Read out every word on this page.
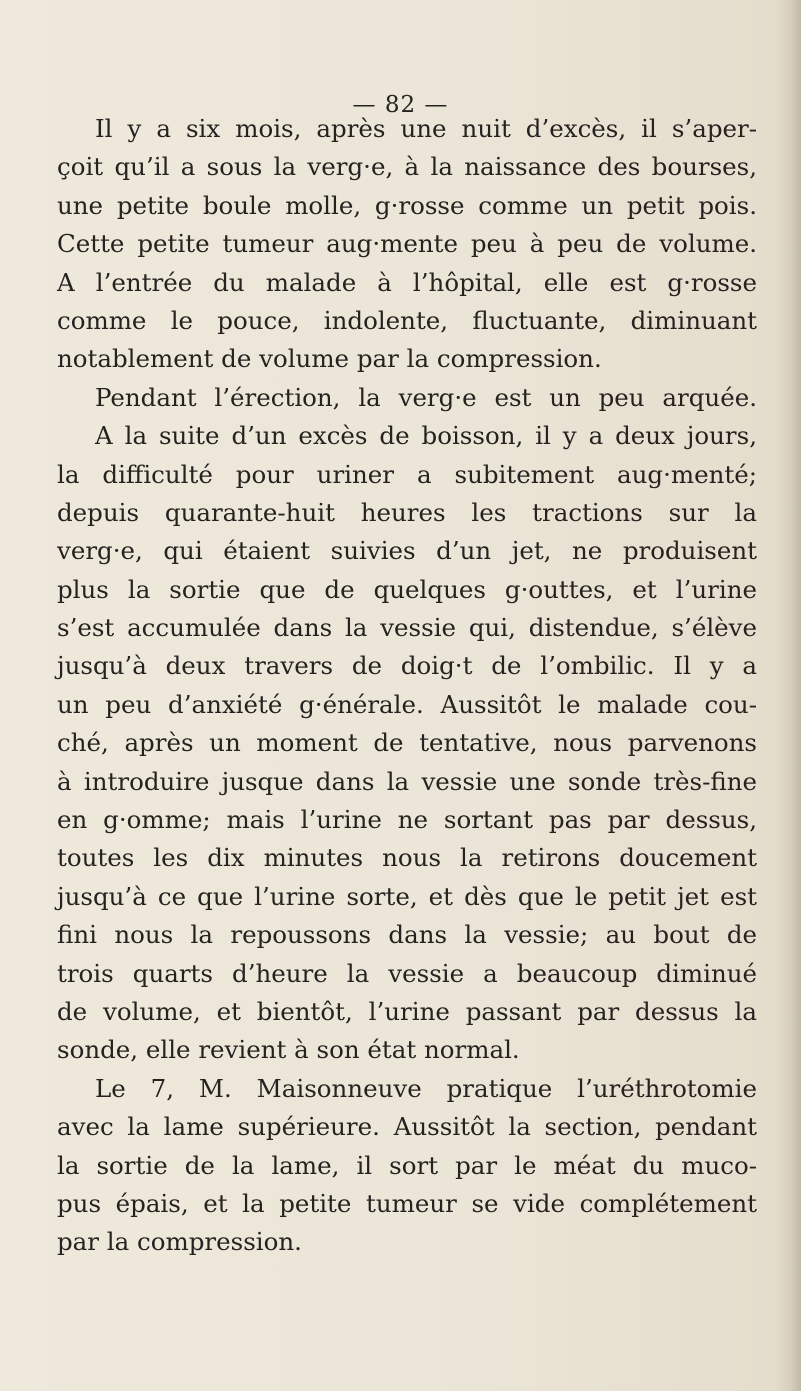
— 82 —
Il y a six mois, après une nuit d’excès, il s’aper-
çoit qu’il a sous la verg·e, à la naissance des bourses,
une petite boule molle, g·rosse comme un petit pois.
Cette petite tumeur aug·mente peu à peu de volume.
A l’entrée du malade à l’hôpital, elle est g·rosse
comme le pouce, indolente, fluctuante, diminuant
notablement de volume par la compression.
Pendant l’érection, la verg·e est un peu arquée.
A la suite d’un excès de boisson, il y a deux jours,
la difficulté pour uriner a subitement aug·menté;
depuis quarante-huit heures les tractions sur la
verg·e, qui étaient suivies d’un jet, ne produisent
plus la sortie que de quelques g·outtes, et l’urine
s’est accumulée dans la vessie qui, distendue, s’élève
jusqu’à deux travers de doig·t de l’ombilic. Il y a
un peu d’anxiété g·énérale. Aussitôt le malade cou-
ché, après un moment de tentative, nous parvenons
à introduire jusque dans la vessie une sonde très-fine
en g·omme; mais l’urine ne sortant pas par dessus,
toutes les dix minutes nous la retirons doucement
jusqu’à ce que l’urine sorte, et dès que le petit jet est
fini nous la repoussons dans la vessie; au bout de
trois quarts d’heure la vessie a beaucoup diminué
de volume, et bientôt, l’urine passant par dessus la
sonde, elle revient à son état normal.
Le 7, M. Maisonneuve pratique l’uréthrotomie
avec la lame supérieure. Aussitôt la section, pendant
la sortie de la lame, il sort par le méat du muco-
pus épais, et la petite tumeur se vide complétement
par la compression.
